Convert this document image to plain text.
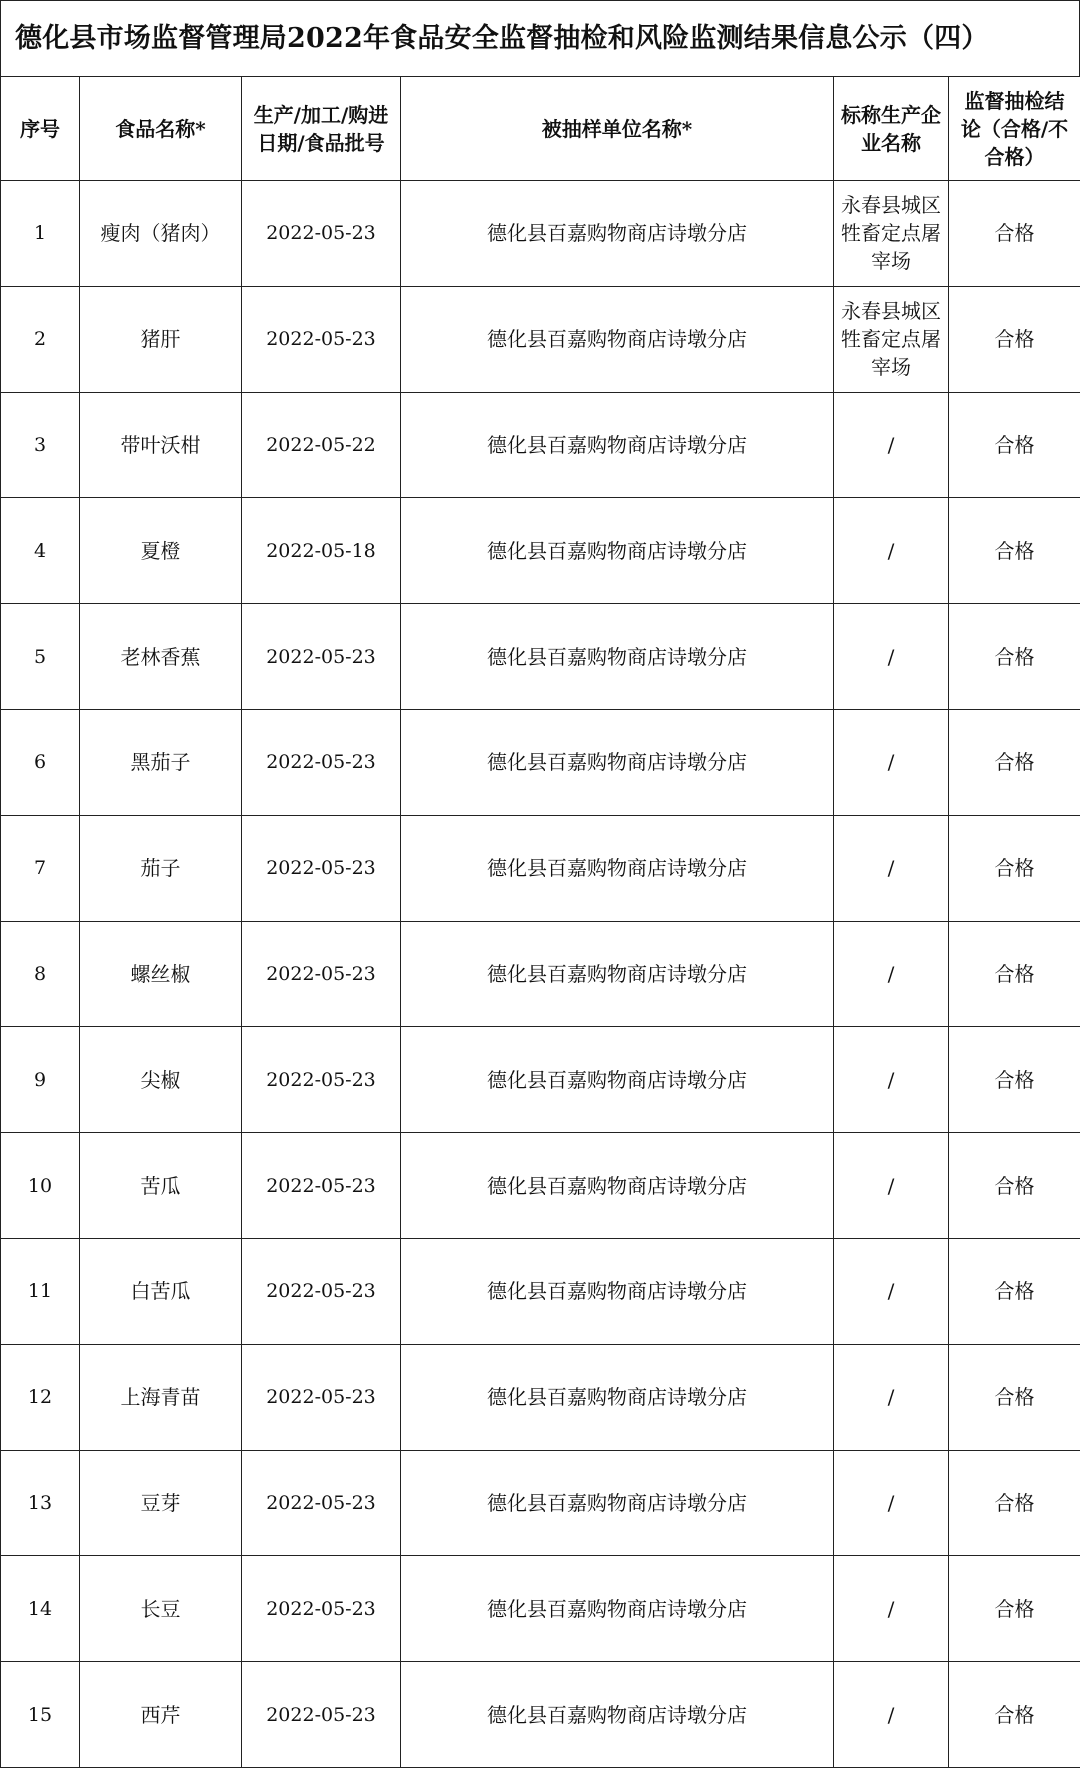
德化县市场监督管理局2022年食品安全监督抽检和风险监测结果信息公示（四）
序号	食品名称*	生产/加工/购进日期/食品批号	被抽样单位名称*	标称生产企业名称	监督抽检结论（合格/不合格）
1	瘦肉（猪肉）	2022-05-23	德化县百嘉购物商店诗墩分店	永春县城区牲畜定点屠宰场	合格
2	猪肝	2022-05-23	德化县百嘉购物商店诗墩分店	永春县城区牲畜定点屠宰场	合格
3	带叶沃柑	2022-05-22	德化县百嘉购物商店诗墩分店	/	合格
4	夏橙	2022-05-18	德化县百嘉购物商店诗墩分店	/	合格
5	老林香蕉	2022-05-23	德化县百嘉购物商店诗墩分店	/	合格
6	黑茄子	2022-05-23	德化县百嘉购物商店诗墩分店	/	合格
7	茄子	2022-05-23	德化县百嘉购物商店诗墩分店	/	合格
8	螺丝椒	2022-05-23	德化县百嘉购物商店诗墩分店	/	合格
9	尖椒	2022-05-23	德化县百嘉购物商店诗墩分店	/	合格
10	苦瓜	2022-05-23	德化县百嘉购物商店诗墩分店	/	合格
11	白苦瓜	2022-05-23	德化县百嘉购物商店诗墩分店	/	合格
12	上海青苗	2022-05-23	德化县百嘉购物商店诗墩分店	/	合格
13	豆芽	2022-05-23	德化县百嘉购物商店诗墩分店	/	合格
14	长豆	2022-05-23	德化县百嘉购物商店诗墩分店	/	合格
15	西芹	2022-05-23	德化县百嘉购物商店诗墩分店	/	合格
